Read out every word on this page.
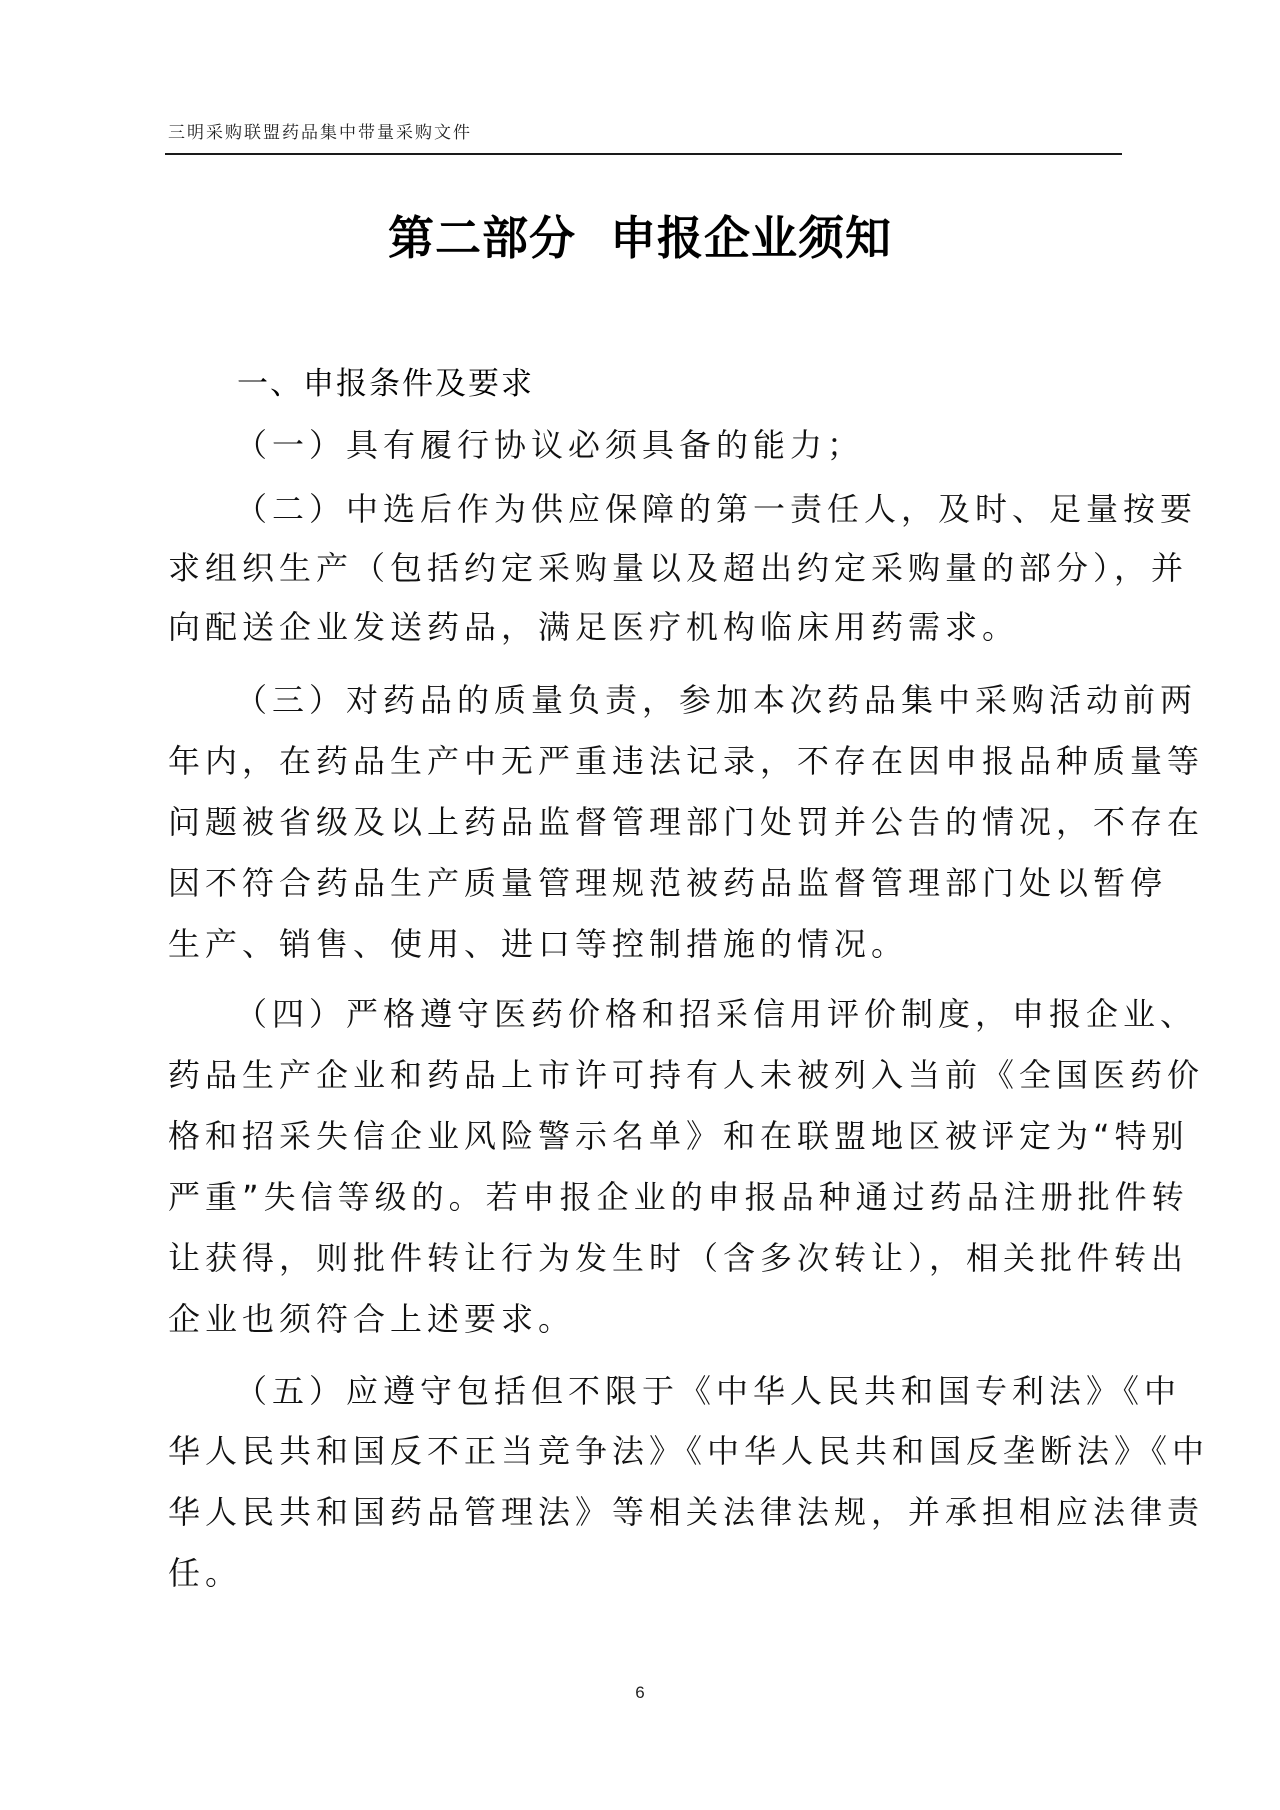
三明采购联盟药品集中带量采购文件
第二部分  申报企业须知
一、申报条件及要求
（一）具有履行协议必须具备的能力；
（二）中选后作为供应保障的第一责任人，及时、足量按要
求组织生产（包括约定采购量以及超出约定采购量的部分），并
向配送企业发送药品，满足医疗机构临床用药需求。
（三）对药品的质量负责，参加本次药品集中采购活动前两
年内，在药品生产中无严重违法记录，不存在因申报品种质量等
问题被省级及以上药品监督管理部门处罚并公告的情况，不存在
因不符合药品生产质量管理规范被药品监督管理部门处以暂停
生产、销售、使用、进口等控制措施的情况。
（四）严格遵守医药价格和招采信用评价制度，申报企业、
药品生产企业和药品上市许可持有人未被列入当前《全国医药价
格和招采失信企业风险警示名单》和在联盟地区被评定为“特别
严重”失信等级的。若申报企业的申报品种通过药品注册批件转
让获得，则批件转让行为发生时（含多次转让），相关批件转出
企业也须符合上述要求。
（五）应遵守包括但不限于《中华人民共和国专利法》《中
华人民共和国反不正当竞争法》《中华人民共和国反垄断法》《中
华人民共和国药品管理法》等相关法律法规，并承担相应法律责
任。
6
